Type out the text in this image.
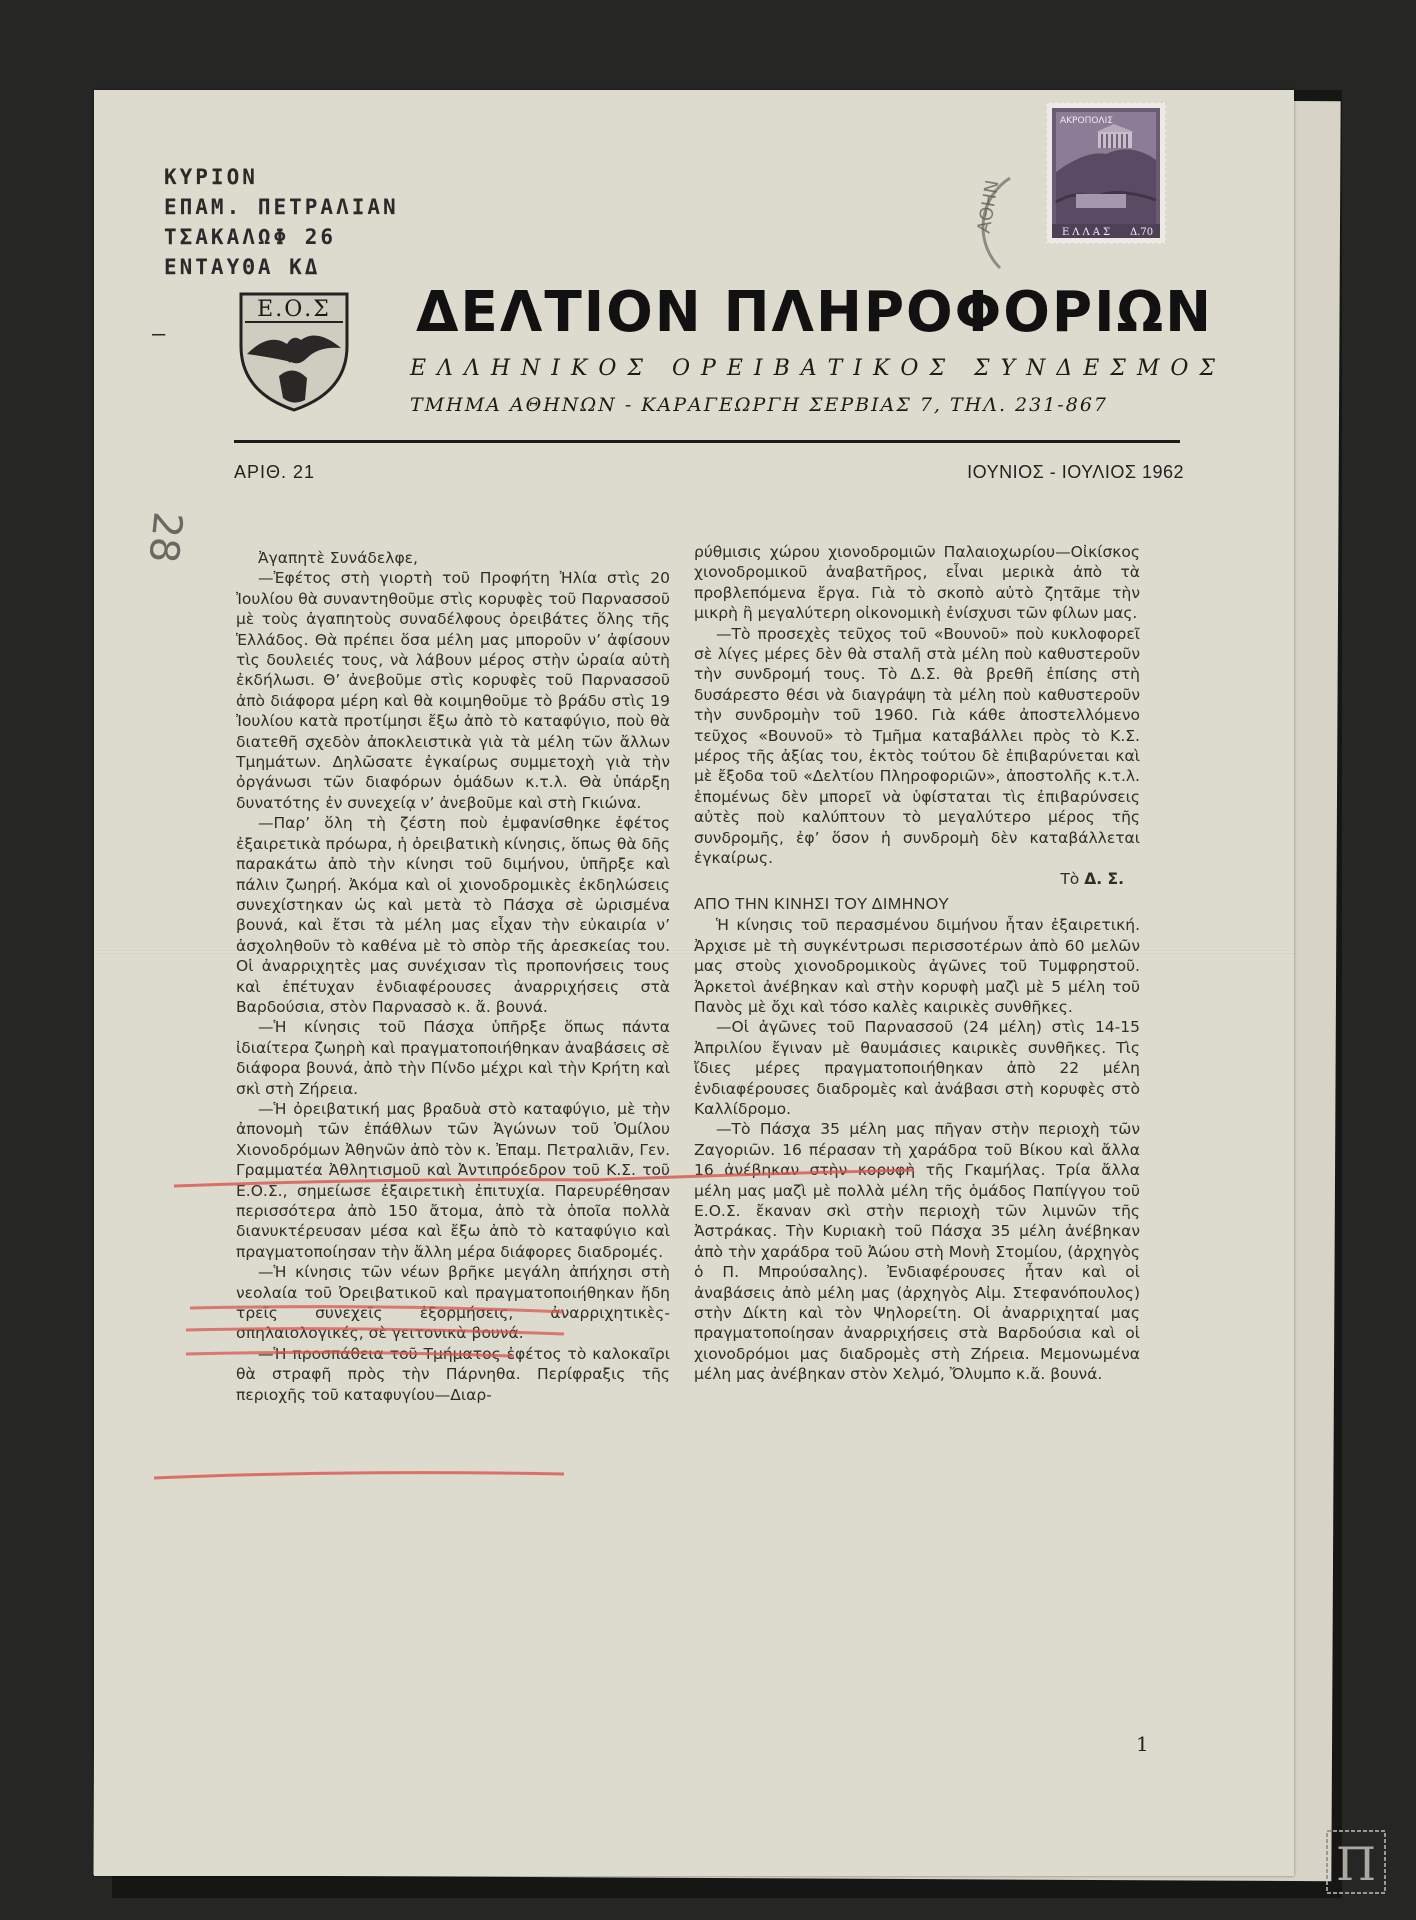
ΚΥΡΙΟΝ
ΕΠΑΜ. ΠΕΤΡΑΛΙΑΝ
ΤΣΑΚΑΛΩΦ 26
ΕΝΤΑΥΘΑ ΚΔ
—
ΑΘΗΝ
ΑΚΡΟΠΟΛΙΣ
ΕΛΛΑΣ Δ.70
Ε.Ο.Σ ΔΕΛΤΙΟΝ ΠΛΗΡΟΦΟΡΙΩΝ
ΕΛΛΗΝΙΚΟΣ ΟΡΕΙΒΑΤΙΚΟΣ ΣΥΝΔΕΣΜΟΣ
ΤΜΗΜΑ ΑΘΗΝΩΝ - ΚΑΡΑΓΕΩΡΓΗ ΣΕΡΒΙΑΣ 7, ΤΗΛ. 231-867
ΑΡΙΘ. 21	ΙΟΥΝΙΟΣ - ΙΟΥΛΙΟΣ 1962
28	Ἀγαπητὲ Συνάδελφε,

—Ἐφέτος στὴ γιορτὴ τοῦ Προφήτη Ἠλία στὶς 20 Ἰουλίου θὰ συναντηθοῦμε στὶς κορυφὲς τοῦ Παρνασσοῦ μὲ τοὺς ἀγαπητοὺς συναδέλφους ὀρειβάτες ὅλης τῆς Ἑλλάδος. Θὰ πρέπει ὅσα μέλη μας μποροῦν ν’ ἀφίσουν τὶς δουλειές τους, νὰ λάβουν μέρος στὴν ὡραία αὐτὴ ἐκδήλωσι. Θ’ ἀνεβοῦμε στὶς κορυφὲς τοῦ Παρνασσοῦ ἀπὸ διάφορα μέρη καὶ θὰ κοιμηθοῦμε τὸ βράδυ στὶς 19 Ἰουλίου κατὰ προτίμησι ἔξω ἀπὸ τὸ καταφύγιο, ποὺ θὰ διατεθῆ σχεδὸν ἀποκλειστικὰ γιὰ τὰ μέλη τῶν ἄλλων Τμημάτων. Δηλῶσατε ἐγκαίρως συμμετοχὴ γιὰ τὴν ὀργάνωσι τῶν διαφόρων ὁμάδων κ.τ.λ. Θὰ ὑπάρξη δυνατότης ἐν συνεχείᾳ ν’ ἀνεβοῦμε καὶ στὴ Γκιώνα.

—Παρ’ ὅλη τὴ ζέστη ποὺ ἐμφανίσθηκε ἐφέτος ἐξαιρετικὰ πρόωρα, ἡ ὀρειβατικὴ κίνησις, ὅπως θὰ δῆς παρακάτω ἀπὸ τὴν κίνησι τοῦ διμήνου, ὑπῆρξε καὶ πάλιν ζωηρή. Ἀκόμα καὶ οἱ χιονοδρομικὲς ἐκδηλώσεις συνεχίστηκαν ὡς καὶ μετὰ τὸ Πάσχα σὲ ὡρισμένα βουνά, καὶ ἔτσι τὰ μέλη μας εἶχαν τὴν εὐκαιρία ν’ ἀσχοληθοῦν τὸ καθένα μὲ τὸ σπὸρ τῆς ἀρεσκείας του. Οἱ ἀναρριχητὲς μας συνέχισαν τὶς προπονήσεις τους καὶ ἐπέτυχαν ἐνδιαφέρουσες ἀναρριχήσεις στὰ Βαρδούσια, στὸν Παρνασσὸ κ. ἄ. βουνά.

—Ἡ κίνησις τοῦ Πάσχα ὑπῆρξε ὅπως πάντα ἰδιαίτερα ζωηρὴ καὶ πραγματοποιήθηκαν ἀναβάσεις σὲ διάφορα βουνά, ἀπὸ τὴν Πίνδο μέχρι καὶ τὴν Κρήτη καὶ σκὶ στὴ Ζήρεια.

—Ἡ ὀρειβατική μας βραδυὰ στὸ καταφύγιο, μὲ τὴν ἀπονομὴ τῶν ἐπάθλων τῶν Ἀγώνων τοῦ Ὁμίλου Χιονοδρόμων Ἀθηνῶν ἀπὸ τὸν κ. Ἐπαμ. Πετραλιᾶν, Γεν. Γραμματέα Ἀθλητισμοῦ καὶ Ἀντιπρόεδρον τοῦ Κ.Σ. τοῦ Ε.Ο.Σ., σημείωσε ἐξαιρετικὴ ἐπιτυχία. Παρευρέθησαν περισσότερα ἀπὸ 150 ἄτομα, ἀπὸ τὰ ὁποῖα πολλὰ διανυκτέρευσαν μέσα καὶ ἔξω ἀπὸ τὸ καταφύγιο καὶ πραγματοποίησαν τὴν ἄλλη μέρα διάφορες διαδρομές.

—Ἡ κίνησις τῶν νέων βρῆκε μεγάλη ἀπήχησι στὴ νεολαία τοῦ Ὀρειβατικοῦ καὶ πραγματοποιήθηκαν ἤδη τρεῖς συνεχεῖς ἐξορμήσεις, ἀναρριχητικὲς-σπηλαιολογικές, σὲ γειτονικὰ βουνά.

—Ἡ προσπάθεια τοῦ Τμήματος ἐφέτος τὸ καλοκαῖρι θὰ στραφῆ πρὸς τὴν Πάρνηθα. Περίφραξις τῆς περιοχῆς τοῦ καταφυγίου—Διαρ-

ρύθμισις χώρου χιονοδρομιῶν Παλαιοχωρίου—Οἰκίσκος χιονοδρομικοῦ ἀναβατῆρος, εἶναι μερικὰ ἀπὸ τὰ προβλεπόμενα ἔργα. Γιὰ τὸ σκοπὸ αὐτὸ ζητᾶμε τὴν μικρὴ ἢ μεγαλύτερη οἰκονομικὴ ἐνίσχυσι τῶν φίλων μας.

—Τὸ προσεχὲς τεῦχος τοῦ «Βουνοῦ» ποὺ κυκλοφορεῖ σὲ λίγες μέρες δὲν θὰ σταλῆ στὰ μέλη ποὺ καθυστεροῦν τὴν συνδρομή τους. Τὸ Δ.Σ. θὰ βρεθῆ ἐπίσης στὴ δυσάρεστο θέσι νὰ διαγράψη τὰ μέλη ποὺ καθυστεροῦν τὴν συνδρομὴν τοῦ 1960. Γιὰ κάθε ἀποστελλόμενο τεῦχος «Βουνοῦ» τὸ Τμῆμα καταβάλλει πρὸς τὸ Κ.Σ. μέρος τῆς ἀξίας του, ἐκτὸς τούτου δὲ ἐπιβαρύνεται καὶ μὲ ἔξοδα τοῦ «Δελτίου Πληροφοριῶν», ἀποστολῆς κ.τ.λ. ἑπομένως δὲν μπορεῖ νὰ ὑφίσταται τὶς ἐπιβαρύνσεις αὐτὲς ποὺ καλύπτουν τὸ μεγαλύτερο μέρος τῆς συνδρομῆς, ἐφ’ ὅσον ἡ συνδρομὴ δὲν καταβάλλεται ἐγκαίρως.

Τὸ Δ. Σ.

ΑΠΟ ΤΗΝ ΚΙΝΗΣΙ ΤΟΥ ΔΙΜΗΝΟΥ

Ἡ κίνησις τοῦ περασμένου διμήνου ἦταν ἐξαιρετική. Ἀρχισε μὲ τὴ συγκέντρωσι περισσοτέρων ἀπὸ 60 μελῶν μας στοὺς χιονοδρομικοὺς ἀγῶνες τοῦ Τυμφρηστοῦ. Ἀρκετοὶ ἀνέβηκαν καὶ στὴν κορυφὴ μαζὶ μὲ 5 μέλη τοῦ Πανὸς μὲ ὄχι καὶ τόσο καλὲς καιρικὲς συνθῆκες.

—Οἱ ἀγῶνες τοῦ Παρνασσοῦ (24 μέλη) στὶς 14-15 Ἀπριλίου ἔγιναν μὲ θαυμάσιες καιρικὲς συνθῆκες. Τὶς ἴδιες μέρες πραγματοποιήθηκαν ἀπὸ 22 μέλη ἐνδιαφέρουσες διαδρομὲς καὶ ἀνάβασι στὴ κορυφὲς στὸ Καλλίδρομο.

—Τὸ Πάσχα 35 μέλη μας πῆγαν στὴν περιοχὴ τῶν Ζαγοριῶν. 16 πέρασαν τὴ χαράδρα τοῦ Βίκου καὶ ἄλλα 16 ἀνέβηκαν στὴν κορυφὴ τῆς Γκαμήλας. Τρία ἄλλα μέλη μας μαζὶ μὲ πολλὰ μέλη τῆς ὁμάδος Παπίγγου τοῦ Ε.Ο.Σ. ἔκαναν σκὶ στὴν περιοχὴ τῶν λιμνῶν τῆς Ἀστράκας. Τὴν Κυριακὴ τοῦ Πάσχα 35 μέλη ἀνέβηκαν ἀπὸ τὴν χαράδρα τοῦ Ἀώου στὴ Μονὴ Στομίου, (ἀρχηγὸς ὁ Π. Μπρούσαλης). Ἐνδιαφέρουσες ἦταν καὶ οἱ ἀναβάσεις ἀπὸ μέλη μας (ἀρχηγὸς Αἰμ. Στεφανόπουλος) στὴν Δίκτη καὶ τὸν Ψηλορείτη. Οἱ ἀναρριχηταί μας πραγματοποίησαν ἀναρριχήσεις στὰ Βαρδούσια καὶ οἱ χιονοδρόμοι μας διαδρομὲς στὴ Ζήρεια. Μεμονωμένα μέλη μας ἀνέβηκαν στὸν Χελμό, Ὄλυμπο κ.ἄ. βουνά.

1
Π
